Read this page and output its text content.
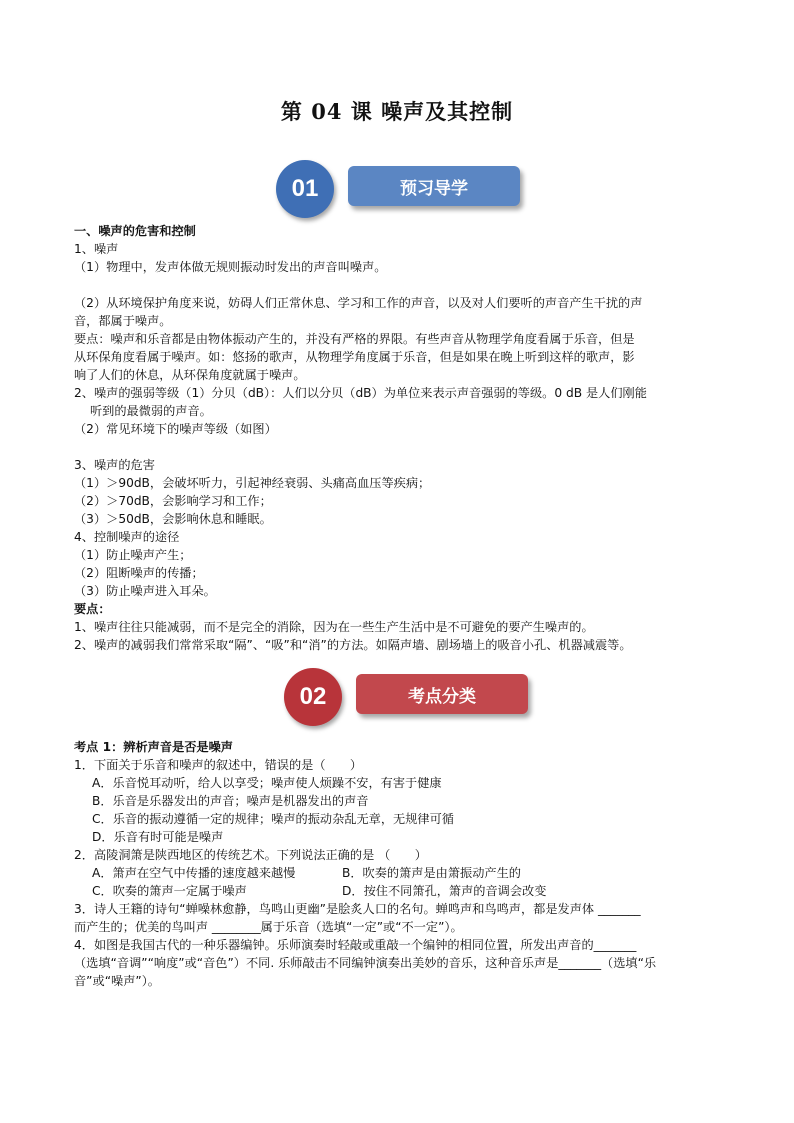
第 04 课 噪声及其控制
01	预习导学

一、噪声的危害和控制

1、噪声

（1）物理中，发声体做无规则振动时发出的声音叫噪声。

（2）从环境保护角度来说，妨碍人们正常休息、学习和工作的声音，以及对人们要听的声音产生干扰的声

音，都属于噪声。

要点：噪声和乐音都是由物体振动产生的，并没有严格的界限。有些声音从物理学角度看属于乐音，但是

从环保角度看属于噪声。如：悠扬的歌声，从物理学角度属于乐音，但是如果在晚上听到这样的歌声，影

响了人们的休息，从环保角度就属于噪声。

2、噪声的强弱等级（1）分贝（dB）：人们以分贝（dB）为单位来表示声音强弱的等级。0 dB 是人们刚能

听到的最微弱的声音。

（2）常见环境下的噪声等级（如图）

3、噪声的危害

（1）＞90dB，会破坏听力，引起神经衰弱、头痛高血压等疾病；

（2）＞70dB，会影响学习和工作；

（3）＞50dB，会影响休息和睡眠。

4、控制噪声的途径

（1）防止噪声产生；

（2）阻断噪声的传播；

（3）防止噪声进入耳朵。

要点：

1、噪声往往只能减弱，而不是完全的消除，因为在一些生产生活中是不可避免的要产生噪声的。

2、噪声的减弱我们常常采取“隔”、“吸”和“消”的方法。如隔声墙、剧场墙上的吸音小孔、机器减震等。

02	考点分类

考点 1：辨析声音是否是噪声

1．下面关于乐音和噪声的叙述中，错误的是（　　）

A．乐音悦耳动听，给人以享受；噪声使人烦躁不安，有害于健康

B．乐音是乐器发出的声音；噪声是机器发出的声音

C．乐音的振动遵循一定的规律；噪声的振动杂乱无章，无规律可循

D．乐音有时可能是噪声

2．高陵洞箫是陕西地区的传统艺术。下列说法正确的是 （　　）

A．箫声在空气中传播的速度越来越慢	B．吹奏的箫声是由箫振动产生的
C．吹奏的箫声一定属于噪声	D．按住不同箫孔，箫声的音调会改变

3．诗人王籍的诗句“蝉噪林愈静，鸟鸣山更幽”是脍炙人口的名句。蝉鸣声和鸟鸣声，都是发声体 _______

而产生的；优美的鸟叫声 ________属于乐音（选填“一定”或“不一定”）。

4．如图是我国古代的一种乐器编钟。乐师演奏时轻敲或重敲一个编钟的相同位置，所发出声音的_______

（选填“音调”“响度”或“音色”）不同. 乐师敲击不同编钟演奏出美妙的音乐，这种音乐声是_______（选填“乐

音”或“噪声”）。
